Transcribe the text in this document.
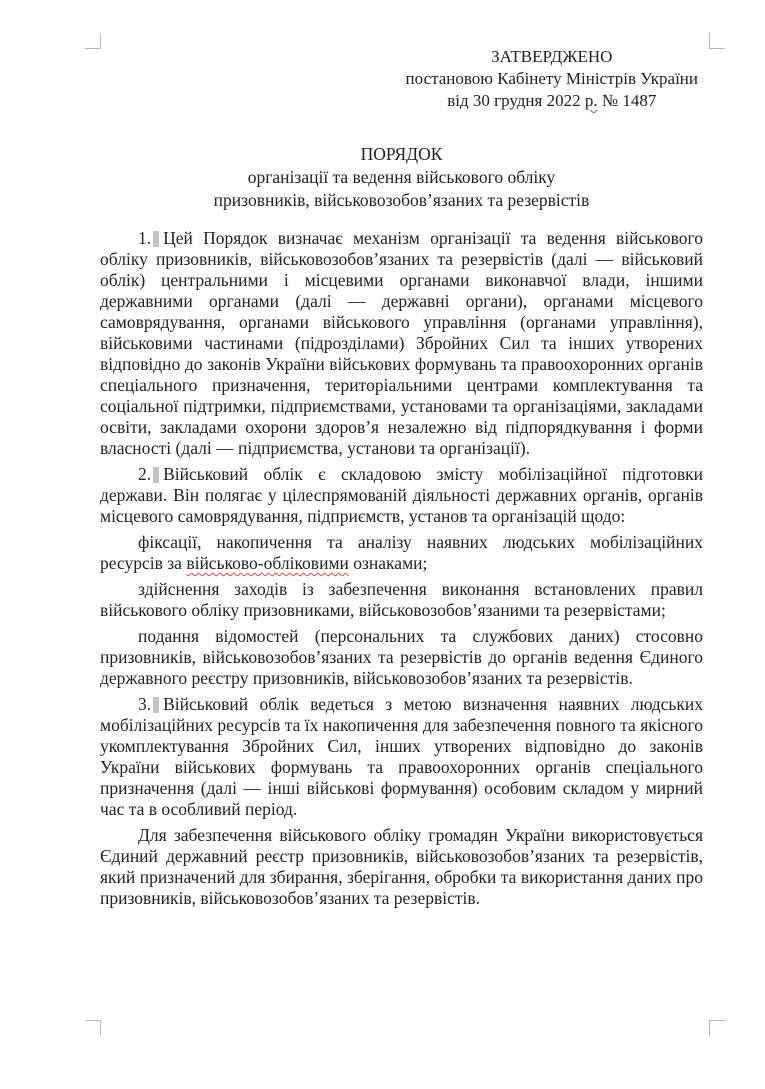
ЗАТВЕРДЖЕНО
постановою Кабінету Міністрів України
від 30 грудня 2022 р. № 1487
ПОРЯДОК
організації та ведення військового обліку
призовників, військовозобов’язаних та резервістів

1. Цей Порядок визначає механізм організації та ведення військового обліку призовників, військовозобов’язаних та резервістів (далі — військовий облік) центральними і місцевими органами виконавчої влади, іншими державними органами (далі — державні органи), органами місцевого самоврядування, органами військового управління (органами управління), військовими частинами (підрозділами) Збройних Сил та інших утворених відповідно до законів України військових формувань та правоохоронних органів спеціального призначення, територіальними центрами комплектування та соціальної підтримки, підприємствами, установами та організаціями, закладами освіти, закладами охорони здоров’я незалежно від підпорядкування і форми власності (далі — підприємства, установи та організації).

2. Військовий облік є складовою змісту мобілізаційної підготовки держави. Він полягає у цілеспрямованій діяльності державних органів, органів місцевого самоврядування, підприємств, установ та організацій щодо:

фіксації, накопичення та аналізу наявних людських мобілізаційних ресурсів за військово-обліковими ознаками;

здійснення заходів із забезпечення виконання встановлених правил військового обліку призовниками, військовозобов’язаними та резервістами;

подання відомостей (персональних та службових даних) стосовно призовників, військовозобов’язаних та резервістів до органів ведення Єдиного державного реєстру призовників, військовозобов’язаних та резервістів.

3. Військовий облік ведеться з метою визначення наявних людських мобілізаційних ресурсів та їх накопичення для забезпечення повного та якісного укомплектування Збройних Сил, інших утворених відповідно до законів України військових формувань та правоохоронних органів спеціального призначення (далі — інші військові формування) особовим складом у мирний час та в особливий період.

Для забезпечення військового обліку громадян України використовується Єдиний державний реєстр призовників, військовозобов’язаних та резервістів, який призначений для збирання, зберігання, обробки та використання даних про призовників, військовозобов’язаних та резервістів.
